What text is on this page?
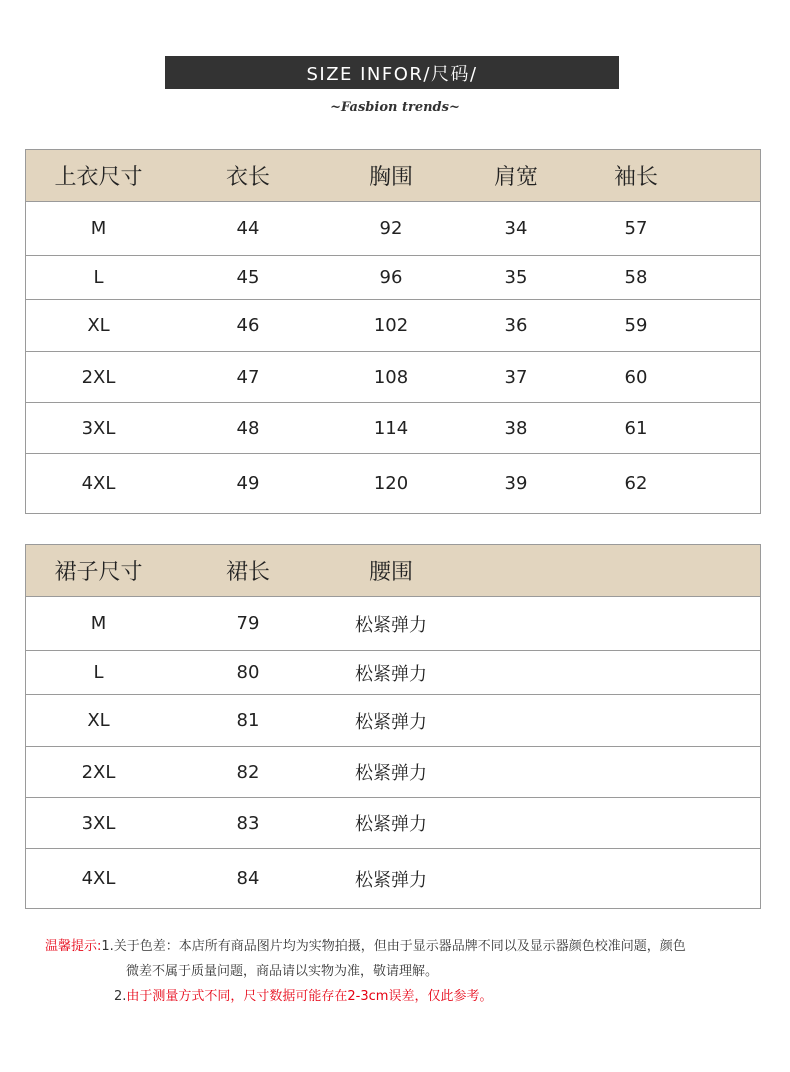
SIZE INFOR/尺码/
~Fasbion trends~
上衣尺寸	衣长	胸围	肩宽	袖长
M	44	92	34	57
L	45	96	35	58
XL	46	102	36	59
2XL	47	108	37	60
3XL	48	114	38	61
4XL	49	120	39	62
裙子尺寸	裙长	腰围
M	79	松紧弹力
L	80	松紧弹力
XL	81	松紧弹力
2XL	82	松紧弹力
3XL	83	松紧弹力
4XL	84	松紧弹力
温馨提示:1.关于色差：本店所有商品图片均为实物拍摄，但由于显示器品牌不同以及显示器颜色校准问题，颜色
微差不属于质量问题，商品请以实物为准，敬请理解。
2.由于测量方式不同，尺寸数据可能存在2-3cm误差，仅此参考。
